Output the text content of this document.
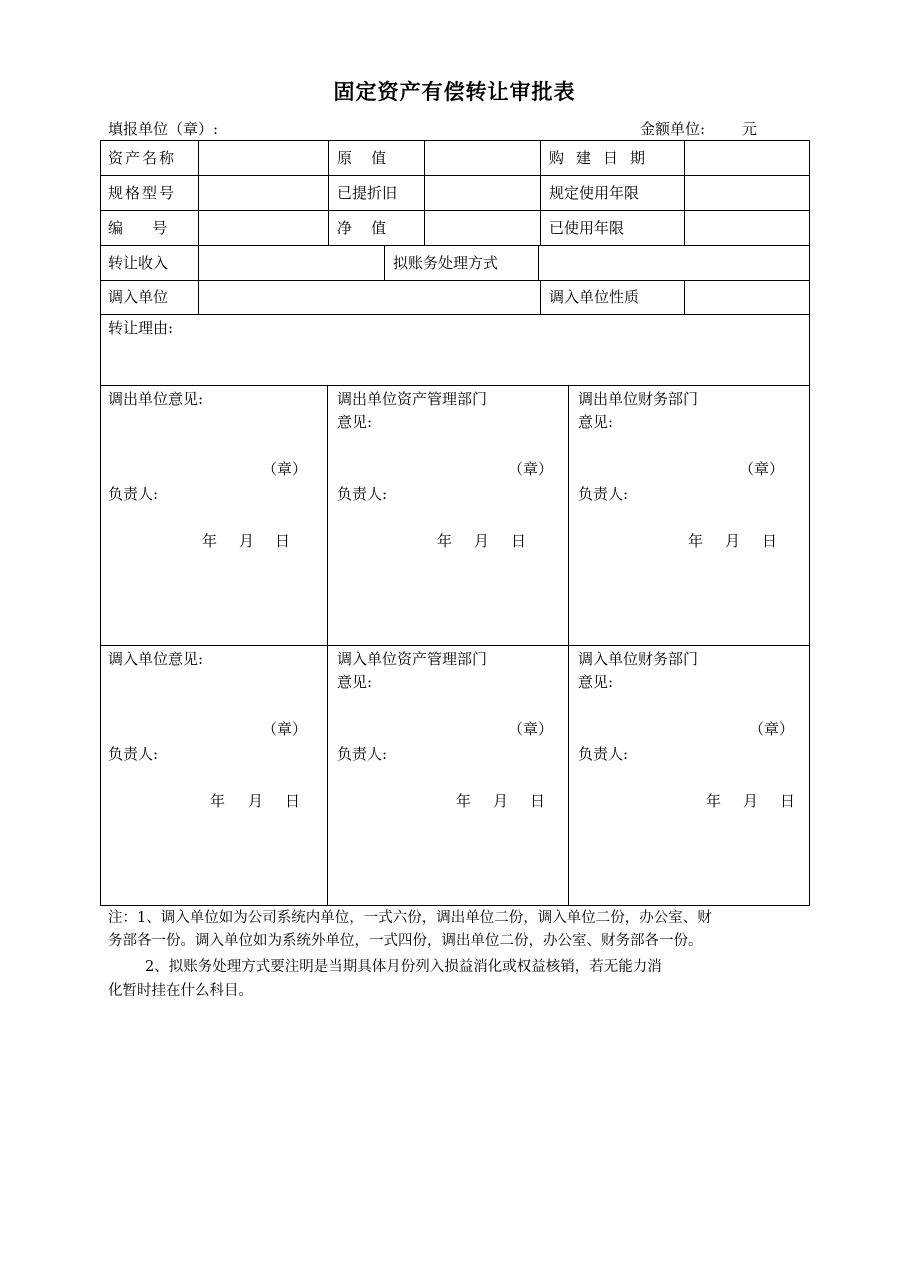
固定资产有偿转让审批表
填报单位（章）:	金额单位: 元
资产名称	原    值	购建日期
规格型号	已提折旧	规定使用年限
编    号	净    值	已使用年限
转让收入	拟账务处理方式
调入单位	调入单位性质
转让理由:
调出单位意见:
（章）
负责人:
年 月 日
调出单位资产管理部门
意见:
（章）
负责人:
年 月 日
调出单位财务部门
意见:
（章）
负责人:
年 月 日
调入单位意见:
（章）
负责人:
年 月 日
调入单位资产管理部门
意见:
（章）
负责人:
年 月 日
调入单位财务部门
意见:
（章）
负责人:
年 月 日
注：1、调入单位如为公司系统内单位，一式六份，调出单位二份，调入单位二份，办公室、财
务部各一份。调入单位如为系统外单位，一式四份，调出单位二份，办公室、财务部各一份。
2、拟账务处理方式要注明是当期具体月份列入损益消化或权益核销，若无能力消
化暂时挂在什么科目。
